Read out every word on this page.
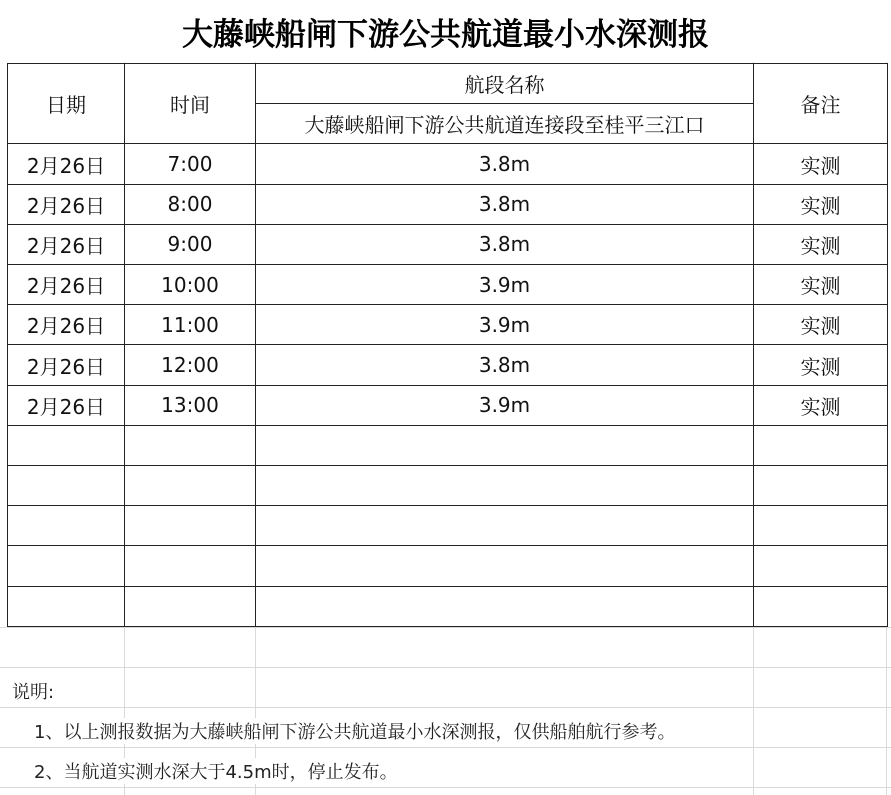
大藤峡船闸下游公共航道最小水深测报
日期	时间	航段名称	备注
		大藤峡船闸下游公共航道连接段至桂平三江口	
2月26日	7:00	3.8m	实测
2月26日	8:00	3.8m	实测
2月26日	9:00	3.8m	实测
2月26日	10:00	3.9m	实测
2月26日	11:00	3.9m	实测
2月26日	12:00	3.8m	实测
2月26日	13:00	3.9m	实测

说明:
1、以上测报数据为大藤峡船闸下游公共航道最小水深测报，仅供船舶航行参考。
2、当航道实测水深大于4.5m时，停止发布。
